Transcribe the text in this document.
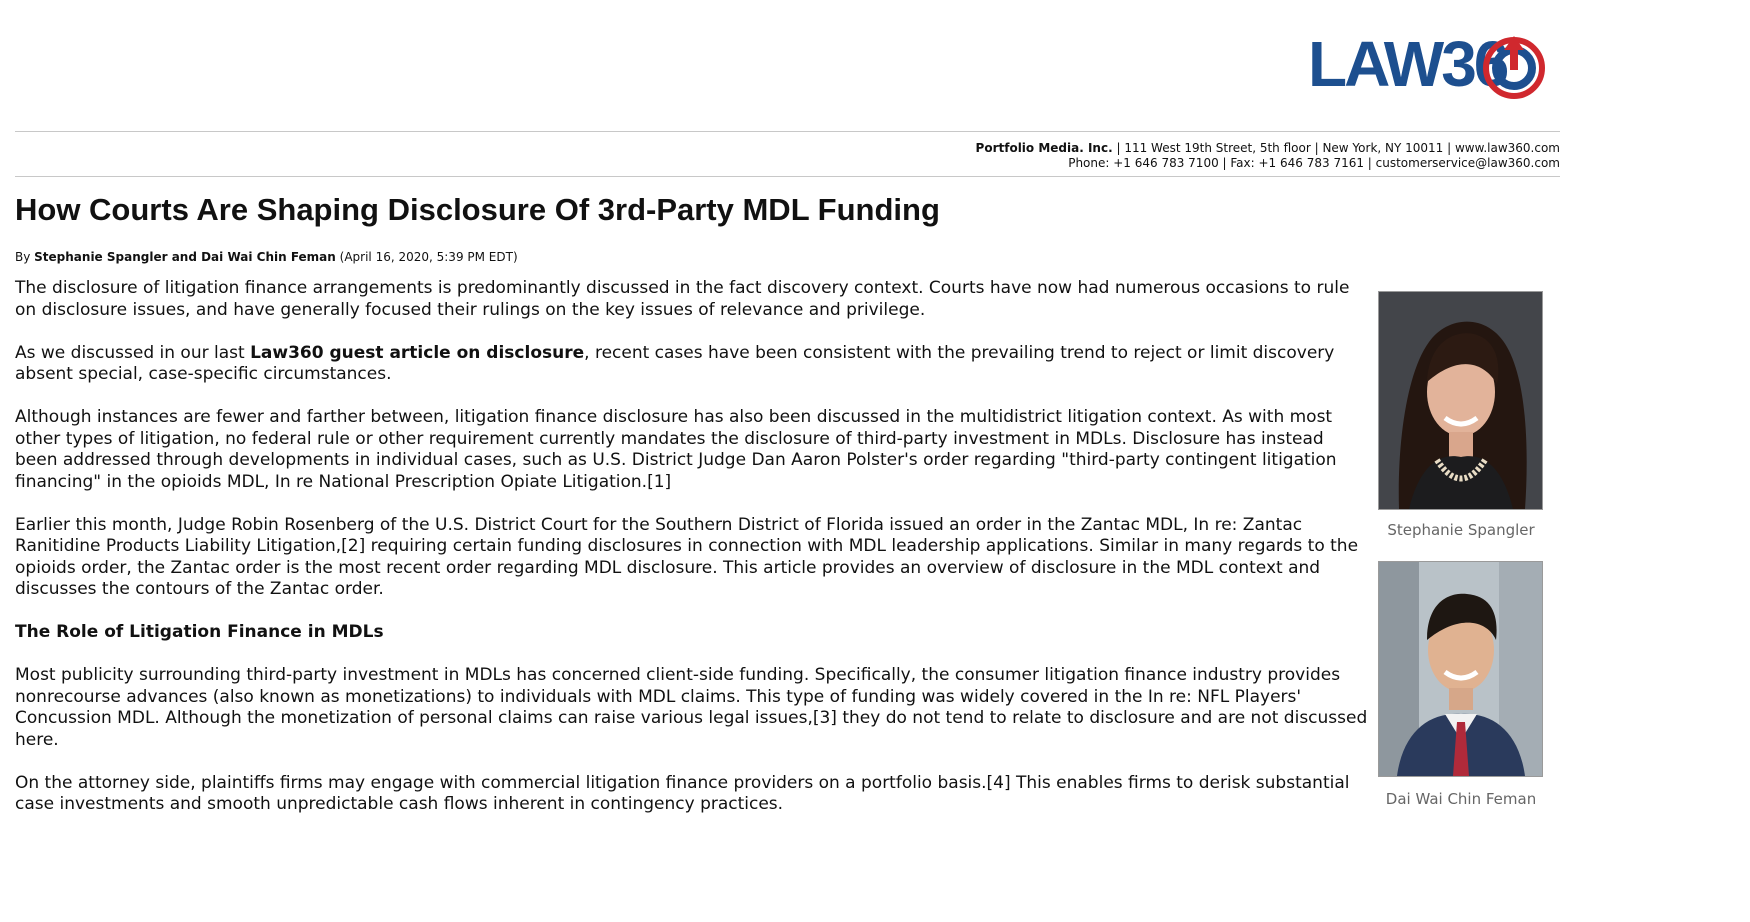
LAW36
Portfolio Media. Inc. | 111 West 19th Street, 5th floor | New York, NY 10011 | www.law360.com
Phone: +1 646 783 7100 | Fax: +1 646 783 7161 | customerservice@law360.com
How Courts Are Shaping Disclosure Of 3rd-Party MDL Funding
By Stephanie Spangler and Dai Wai Chin Feman (April 16, 2020, 5:39 PM EDT)

The disclosure of litigation finance arrangements is predominantly discussed in the fact discovery context. Courts have now had numerous occasions to rule on disclosure issues, and have generally focused their rulings on the key issues of relevance and privilege.

As we discussed in our last Law360 guest article on disclosure, recent cases have been consistent with the prevailing trend to reject or limit discovery absent special, case-specific circumstances.

Although instances are fewer and farther between, litigation finance disclosure has also been discussed in the multidistrict litigation context. As with most other types of litigation, no federal rule or other requirement currently mandates the disclosure of third-party investment in MDLs. Disclosure has instead been addressed through developments in individual cases, such as U.S. District Judge Dan Aaron Polster's order regarding "third-party contingent litigation financing" in the opioids MDL, In re National Prescription Opiate Litigation.[1]

Earlier this month, Judge Robin Rosenberg of the U.S. District Court for the Southern District of Florida issued an order in the Zantac MDL, In re: Zantac Ranitidine Products Liability Litigation,[2] requiring certain funding disclosures in connection with MDL leadership applications. Similar in many regards to the opioids order, the Zantac order is the most recent order regarding MDL disclosure. This article provides an overview of disclosure in the MDL context and discusses the contours of the Zantac order.

The Role of Litigation Finance in MDLs

Most publicity surrounding third-party investment in MDLs has concerned client-side funding. Specifically, the consumer litigation finance industry provides nonrecourse advances (also known as monetizations) to individuals with MDL claims. This type of funding was widely covered in the In re: NFL Players' Concussion MDL. Although the monetization of personal claims can raise various legal issues,[3] they do not tend to relate to disclosure and are not discussed here.

On the attorney side, plaintiffs firms may engage with commercial litigation finance providers on a portfolio basis.[4] This enables firms to derisk substantial case investments and smooth unpredictable cash flows inherent in contingency practices.

Stephanie Spangler
Dai Wai Chin Feman
